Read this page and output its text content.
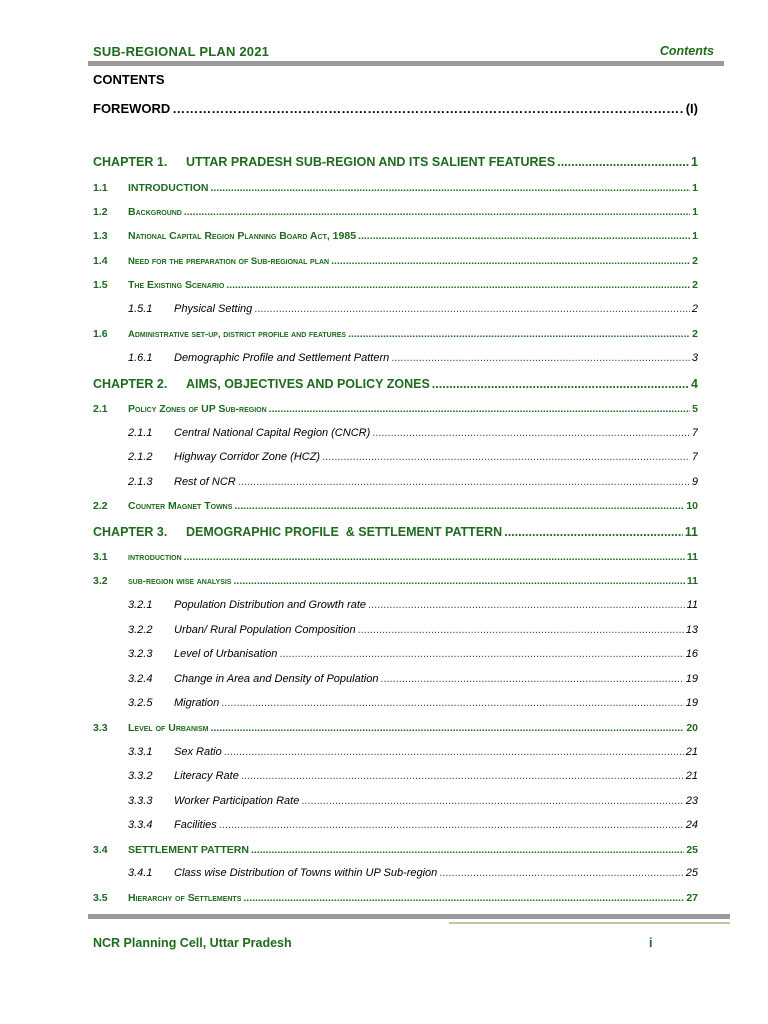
SUB-REGIONAL PLAN 2021	Contents
CONTENTS
FOREWORD ……………………………………………………………………………………………………………………………………………………………………………………………………………………………………………………………	(I)
CHAPTER 1.	UTTAR PRADESH SUB-REGION AND ITS SALIENT FEATURES .....	1
1.1	INTRODUCTION .....	1
1.2	Background .....	1
1.3	National Capital Region Planning Board Act, 1985 .....	1
1.4	Need for the preparation of Sub-regional plan .....	2
1.5	The Existing Scenario .....	2
1.5.1	Physical Setting .....	2
1.6	Administrative set-up, district profile and features .....	2
1.6.1	Demographic Profile and Settlement Pattern .....	3
CHAPTER 2.	AIMS, OBJECTIVES AND POLICY ZONES .....	4
2.1	Policy Zones of UP Sub-region .....	5
2.1.1	Central National Capital Region (CNCR) .....	7
2.1.2	Highway Corridor Zone (HCZ) .....	7
2.1.3	Rest of NCR .....	9
2.2	Counter Magnet Towns .....	10
CHAPTER 3.	DEMOGRAPHIC PROFILE  & SETTLEMENT PATTERN .....	11
3.1	introduction .....	11
3.2	sub-region wise analysis .....	11
3.2.1	Population Distribution and Growth rate .....	11
3.2.2	Urban/ Rural Population Composition .....	13
3.2.3	Level of Urbanisation .....	16
3.2.4	Change in Area and Density of Population .....	19
3.2.5	Migration .....	19
3.3	Level of Urbanism .....	20
3.3.1	Sex Ratio .....	21
3.3.2	Literacy Rate .....	21
3.3.3	Worker Participation Rate .....	23
3.3.4	Facilities .....	24
3.4	SETTLEMENT PATTERN .....	25
3.4.1	Class wise Distribution of Towns within UP Sub-region .....	25
3.5	Hierarchy of Settlements .....	27
NCR Planning Cell, Uttar Pradesh	i
